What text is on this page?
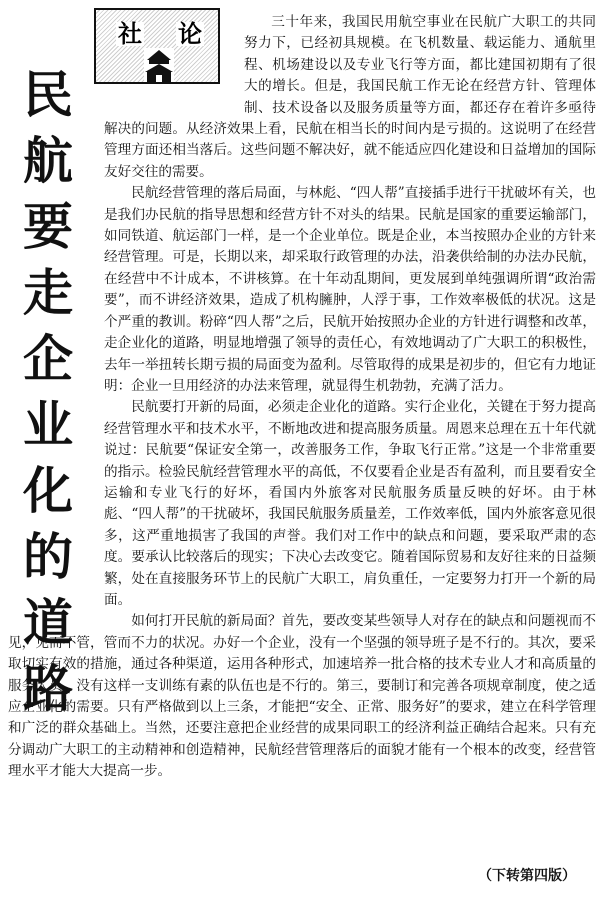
社 论
民航要走企业化的道路

三十年来，我国民用航空事业在民航广大职工的共同努力下，已经初具规模。在飞机数量、载运能力、通航里程、机场建设以及专业飞行等方面，都比建国初期有了很大的增长。但是，我国民航工作无论在经营方针、管理体制、技术设备以及服务质量等方面，都还存在着许多亟待解决的问题。从经济效果上看，民航在相当长的时间内是亏损的。这说明了在经营管理方面还相当落后。这些问题不解决好，就不能适应四化建设和日益增加的国际友好交往的需要。

民航经营管理的落后局面，与林彪、“四人帮”直接插手进行干扰破坏有关，也是我们办民航的指导思想和经营方针不对头的结果。民航是国家的重要运输部门，如同铁道、航运部门一样，是一个企业单位。既是企业，本当按照办企业的方针来经营管理。可是，长期以来，却采取行政管理的办法，沿袭供给制的办法办民航，在经营中不计成本，不讲核算。在十年动乱期间，更发展到单纯强调所谓“政治需要”，而不讲经济效果，造成了机构臃肿，人浮于事，工作效率极低的状况。这是个严重的教训。粉碎“四人帮”之后，民航开始按照办企业的方针进行调整和改革，走企业化的道路，明显地增强了领导的责任心，有效地调动了广大职工的积极性，去年一举扭转长期亏损的局面变为盈利。尽管取得的成果是初步的，但它有力地证明：企业一旦用经济的办法来管理，就显得生机勃勃，充满了活力。

民航要打开新的局面，必须走企业化的道路。实行企业化，关键在于努力提高经营管理水平和技术水平，不断地改进和提高服务质量。周恩来总理在五十年代就说过：民航要“保证安全第一，改善服务工作，争取飞行正常。”这是一个非常重要的指示。检验民航经营管理水平的高低，不仅要看企业是否有盈利，而且要看安全运输和专业飞行的好坏，看国内外旅客对民航服务质量反映的好坏。由于林彪、“四人帮”的干扰破坏，我国民航服务质量差，工作效率低，国内外旅客意见很多，这严重地损害了我国的声誉。我们对工作中的缺点和问题，要采取严肃的态度。要承认比较落后的现实；下决心去改变它。随着国际贸易和友好往来的日益频繁，处在直接服务环节上的民航广大职工，肩负重任，一定要努力打开一个新的局面。

如何打开民航的新局面？首先，要改变某些领导人对存在的缺点和问题视而不见，见而不管，管而不力的状况。办好一个企业，没有一个坚强的领导班子是不行的。其次，要采取切实有效的措施，通过各种渠道，运用各种形式，加速培养一批合格的技术专业人才和高质量的服务人员。没有这样一支训练有素的队伍也是不行的。第三，要制订和完善各项规章制度，使之适应企业化的需要。只有严格做到以上三条，才能把“安全、正常、服务好”的要求，建立在科学管理和广泛的群众基础上。当然，还要注意把企业经营的成果同职工的经济利益正确结合起来。只有充分调动广大职工的主动精神和创造精神，民航经营管理落后的面貌才能有一个根本的改变，经营管理水平才能大大提高一步。

（下转第四版）
